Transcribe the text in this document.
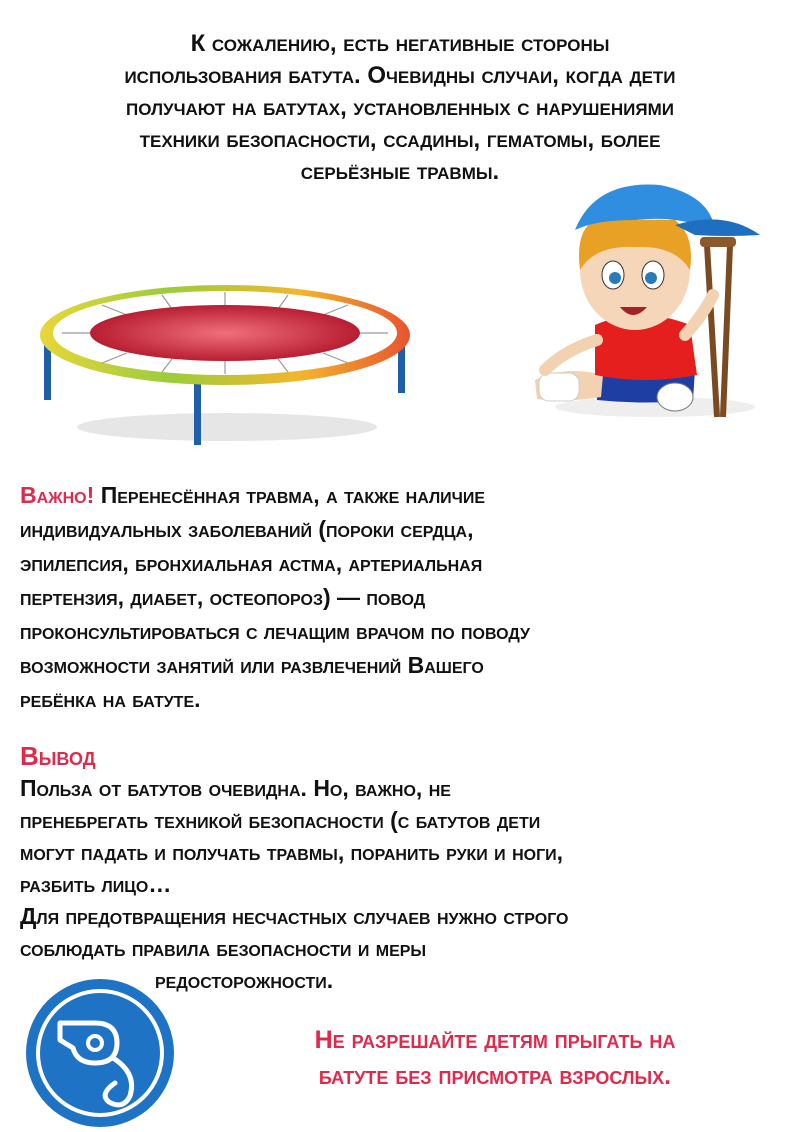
К сожалению, есть негативные стороны
использования батута. Очевидны случаи, когда дети
получают на батутах, установленных с нарушениями
техники безопасности, ссадины, гематомы, более
серьёзные травмы.
Важно! Перенесённая травма, а также наличие
индивидуальных заболеваний (пороки сердца,
эпилепсия, бронхиальная астма, артериальная
пертензия, диабет, остеопороз) — повод
проконсультироваться с лечащим врачом по поводу
возможности занятий или развлечений Вашего
ребёнка на батуте.
Вывод
Польза от батутов очевидна. Но, важно, не
пренебрегать техникой безопасности (с батутов дети
могут падать и получать травмы, поранить руки и ноги,
разбить лицо…
Для предотвращения несчастных случаев нужно строго
соблюдать правила безопасности и меры
редосторожности.
Не разрешайте детям прыгать на
батуте без присмотра взрослых.
